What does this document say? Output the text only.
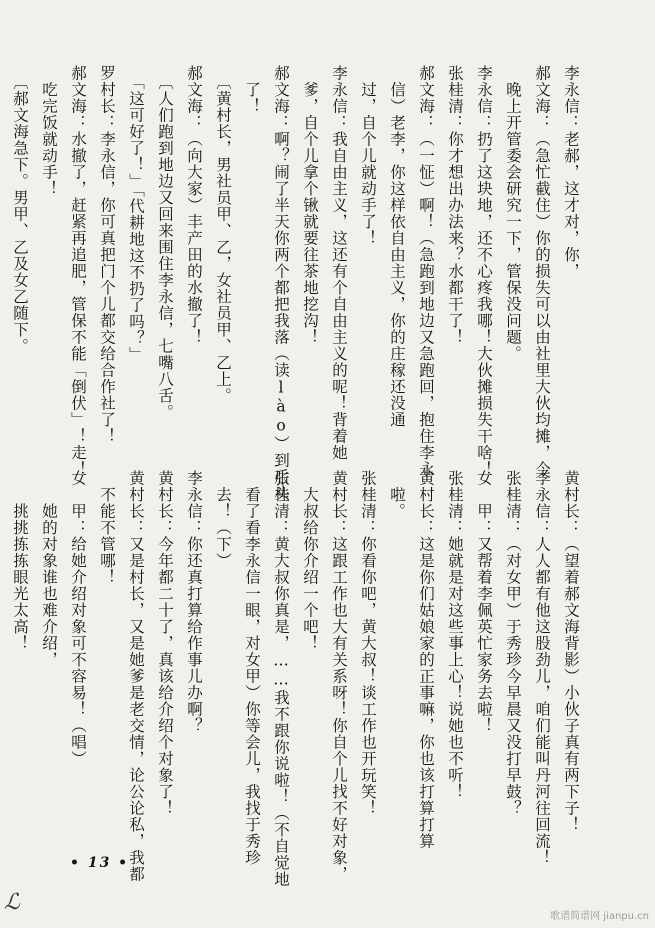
李永信：老郝，这才对，你，
郝文海：（急忙截住）你的损失可以由社里大伙均摊，今
　晚上开管委会研究一下，管保没问题。
李永信：扔了这块地，还不心疼我哪！大伙摊损失干啥！
张桂清：你才想出办法来？水都干了！
郝文海：（一怔）啊！（急跑到地边又急跑回，抱住李永
　信）老李，你这样依自由主义，你的庄稼还没通
　过，自个儿就动手了！
李永信：我自由主义，这还有个自由主义的呢！背着她
　爹，自个儿拿个锹就要往茶地挖沟！
郝文海：啊？闹了半天你两个都把我落（读lào）到后头
　了！
　〔黄村长，男社员甲、乙，女社员甲、乙上。
郝文海：（向大家）丰产田的水撤了！
　〔人们跑到地边又回来围住李永信，七嘴八舌。
　「这可好了！」「代耕地这不扔了吗？」
罗村长：李永信，你可真把门个儿都交给合作社了！
郝文海：水撤了，赶紧再追肥，管保不能「倒伏」！走！
　吃完饭就动手！
　〔郝文海急下。男甲、乙及女乙随下。
黄村长：（望着郝文海背影）小伙子真有两下子！
李永信：人人都有他这股劲儿，咱们能叫丹河往回流！
张桂清：（对女甲）于秀珍今早晨又没打早鼓？
女　甲：又帮着李佩英忙家务去啦！
张桂清：她就是对这些事上心！说她也不听！
黄村长：这是你们姑娘家的正事嘛，你也该打算打算
　啦。
张桂清：你看你吧，黄大叔！谈工作也开玩笑！
黄村长：这跟工作也大有关系呀！你自个儿找不好对象，
　大叔给你介绍一个吧！
张桂清：黄大叔你真是，……我不跟你说啦！（不自觉地
　看了看李永信一眼，对女甲）你等会儿，我找于秀珍
　去！（下）
李永信：你还真打算给作事儿办啊？
黄村长：今年都二十了，真该给介绍个对象了！
黄村长：又是村长，又是她爹是老交情，论公论私，我都
　不能不管哪！
女　甲：给她介绍对象可不容易！（唱）
　　她的对象谁也难介绍，
　　挑挑拣拣眼光太高！
• 13 •
ℒ
歌谱简谱网 jianpu.cn
